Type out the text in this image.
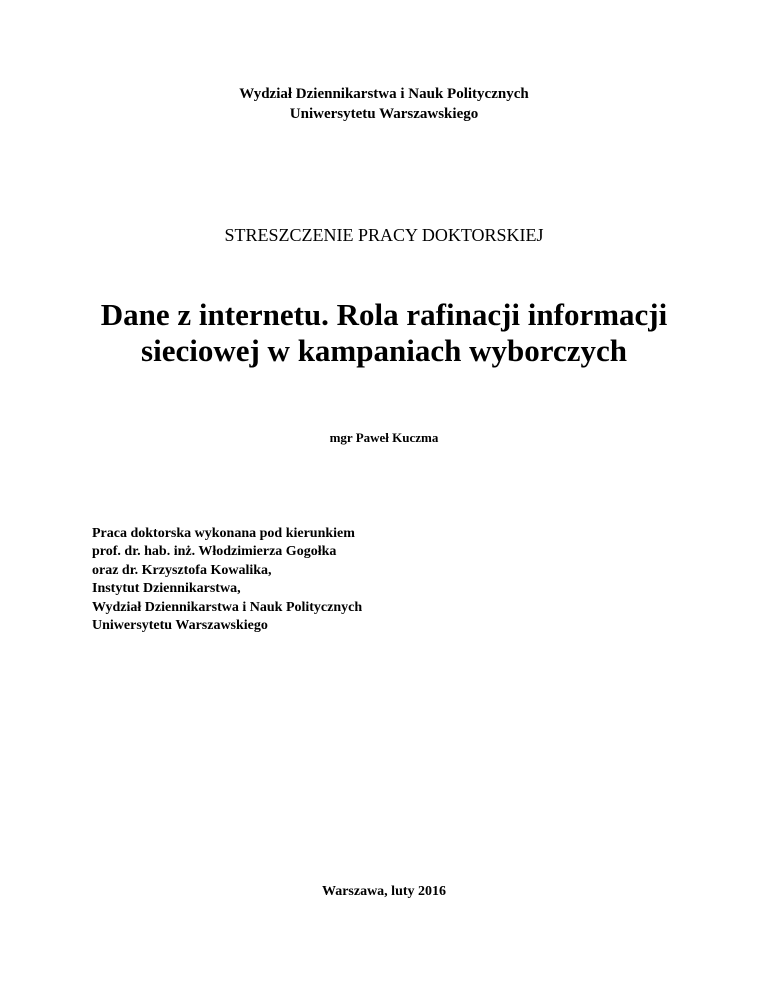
Wydział Dziennikarstwa i Nauk Politycznych
Uniwersytetu Warszawskiego
STRESZCZENIE PRACY DOKTORSKIEJ
Dane z internetu. Rola rafinacji informacji
sieciowej w kampaniach wyborczych
mgr Paweł Kuczma
Praca doktorska wykonana pod kierunkiem
prof. dr. hab. inż. Włodzimierza Gogołka
oraz dr. Krzysztofa Kowalika,
Instytut Dziennikarstwa,
Wydział Dziennikarstwa i Nauk Politycznych
Uniwersytetu Warszawskiego
Warszawa, luty 2016
